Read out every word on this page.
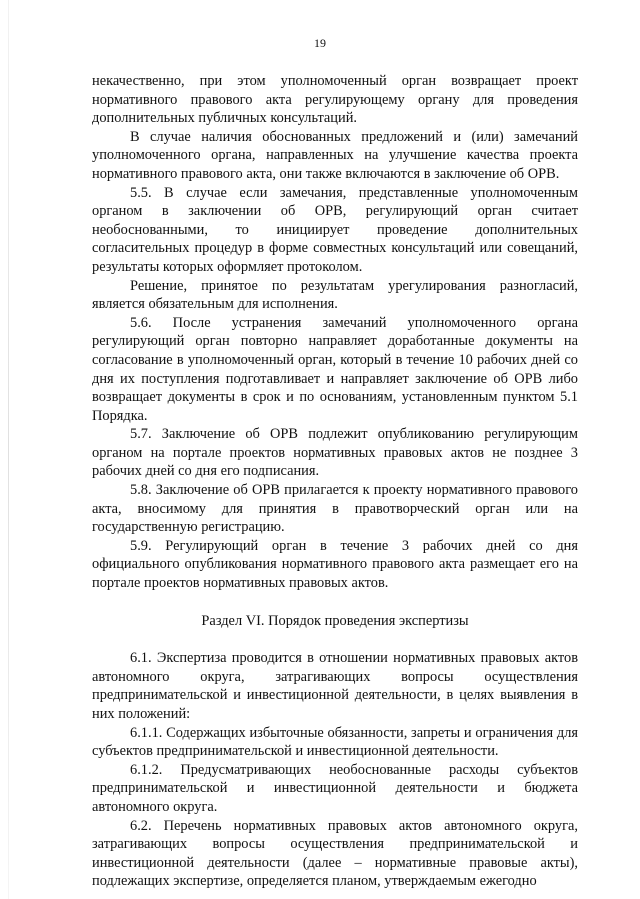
19

некачественно, при этом уполномоченный орган возвращает проект нормативного правового акта регулирующему органу для проведения дополнительных публичных консультаций.

В случае наличия обоснованных предложений и (или) замечаний уполномоченного органа, направленных на улучшение качества проекта нормативного правового акта, они также включаются в заключение об ОРВ.

5.5. В случае если замечания, представленные уполномоченным органом в заключении об ОРВ, регулирующий орган считает необоснованными, то инициирует проведение дополнительных согласительных процедур в форме совместных консультаций или совещаний, результаты которых оформляет протоколом.

Решение, принятое по результатам урегулирования разногласий, является обязательным для исполнения.

5.6. После устранения замечаний уполномоченного органа регулирующий орган повторно направляет доработанные документы на согласование в уполномоченный орган, который в течение 10 рабочих дней со дня их поступления подготавливает и направляет заключение об ОРВ либо возвращает документы в срок и по основаниям, установленным пунктом 5.1 Порядка.

5.7. Заключение об ОРВ подлежит опубликованию регулирующим органом на портале проектов нормативных правовых актов не позднее 3 рабочих дней со дня его подписания.

5.8. Заключение об ОРВ прилагается к проекту нормативного правового акта, вносимому для принятия в правотворческий орган или на государственную регистрацию.

5.9. Регулирующий орган в течение 3 рабочих дней со дня официального опубликования нормативного правового акта размещает его на портале проектов нормативных правовых актов.

Раздел VI. Порядок проведения экспертизы

6.1. Экспертиза проводится в отношении нормативных правовых актов автономного округа, затрагивающих вопросы осуществления предпринимательской и инвестиционной деятельности, в целях выявления в них положений:

6.1.1. Содержащих избыточные обязанности, запреты и ограничения для субъектов предпринимательской и инвестиционной деятельности.

6.1.2. Предусматривающих необоснованные расходы субъектов предпринимательской и инвестиционной деятельности и бюджета автономного округа.

6.2. Перечень нормативных правовых актов автономного округа, затрагивающих вопросы осуществления предпринимательской и инвестиционной деятельности (далее – нормативные правовые акты), подлежащих экспертизе, определяется планом, утверждаемым ежегодно
